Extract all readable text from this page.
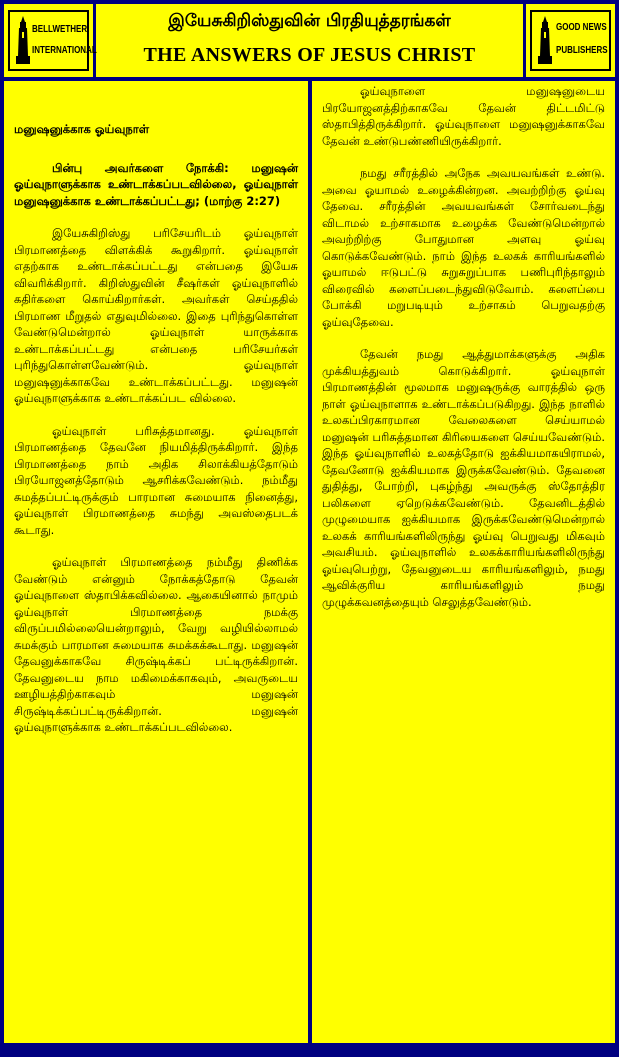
BELLWETHER
INTERNATIONAL
இயேசுகிறிஸ்துவின் பிரதியுத்தரங்கள்
THE ANSWERS OF JESUS CHRIST
GOOD NEWS
PUBLISHERS

மனுஷனுக்காக ஓய்வுநாள்

பின்பு அவர்களை நோக்கி: மனுஷன் ஓய்வுநாளுக்காக உண்டாக்கப்படவில்லை, ஓய்வுநாள் மனுஷனுக்காக உண்டாக்கப்பட்டது; (மாற்கு 2:27)

இயேசுகிறிஸ்து பரிசேயரிடம் ஓய்வுநாள் பிரமாணத்தை விளக்கிக் கூறுகிறார். ஓய்வுநாள் எதற்காக உண்டாக்கப்பட்டது என்பதை இயேசு விவரிக்கிறார். கிறிஸ்துவின் சீஷர்கள் ஓய்வுநாளில் கதிர்களை கொய்கிறார்கள். அவர்கள் செய்ததில் பிரமாண மீறுதல் எதுவுமில்லை. இதை புரிந்துகொள்ள வேண்டுமென்றால் ஓய்வுநாள் யாருக்காக உண்டாக்கப்பட்டது என்பதை பரிசேயர்கள் புரிந்துகொள்ளவேண்டும். ஓய்வுநாள் மனுஷனுக்காகவே உண்டாக்கப்பட்டது. மனுஷன் ஓய்வுநாளுக்காக உண்டாக்கப்பட வில்லை.

ஓய்வுநாள் பரிசுத்தமானது. ஓய்வுநாள் பிரமாணத்தை தேவனே நியமித்திருக்கிறார். இந்த பிரமாணத்தை நாம் அதிக சிலாக்கியத்தோடும் பிரயோஜனத்தோடும் ஆசரிக்கவேண்டும். நம்மீது சுமத்தப்பட்டிருக்கும் பாரமான சுமையாக நினைத்து, ஓய்வுநாள் பிரமாணத்தை சுமந்து அவஸ்தைபடக் கூடாது.

ஓய்வுநாள் பிரமாணத்தை நம்மீது திணிக்க வேண்டும் என்னும் நோக்கத்தோடு தேவன் ஓய்வுநாளை ஸ்தாபிக்கவில்லை. ஆகையினால் நாமும் ஓய்வுநாள் பிரமாணத்தை நமக்கு விருப்பமில்லையென்றாலும், வேறு வழியில்லாமல் சுமக்கும் பாரமான சுமையாக சுமக்கக்கூடாது. மனுஷன் தேவனுக்காகவே சிருஷ்டிக்கப் பட்டிருக்கிறான். தேவனுடைய நாம மகிமைக்காகவும், அவருடைய ஊழியத்திற்காகவும் மனுஷன் சிருஷ்டிக்கப்பட்டிருக்கிறான். மனுஷன் ஓய்வுநாளுக்காக உண்டாக்கப்படவில்லை.

ஓய்வுநாளை மனுஷனுடைய பிரயோஜனத்திற்காகவே தேவன் திட்டமிட்டு ஸ்தாபித்திருக்கிறார். ஓய்வுநாளை மனுஷனுக்காகவே தேவன் உண்டுபண்ணியிருக்கிறார்.

நமது சரீரத்தில் அநேக அவயவங்கள் உண்டு. அவை ஓயாமல் உழைக்கின்றன. அவற்றிற்கு ஓய்வு தேவை. சரீரத்தின் அவயவங்கள் சோர்வடைந்து விடாமல் உற்சாகமாக உழைக்க வேண்டுமென்றால் அவற்றிற்கு போதுமான அளவு ஓய்வு கொடுக்கவேண்டும். நாம் இந்த உலகக் காரியங்களில் ஓயாமல் ஈடுபட்டு சுறுசுறுப்பாக பணிபுரிந்தாலும் விரைவில் களைப்படைந்துவிடுவோம். களைப்பை போக்கி மறுபடியும் உற்சாகம் பெறுவதற்கு ஓய்வுதேவை.

தேவன் நமது ஆத்துமாக்களுக்கு அதிக முக்கியத்துவம் கொடுக்கிறார். ஓய்வுநாள் பிரமாணத்தின் மூலமாக மனுஷருக்கு வாரத்தில் ஒரு நாள் ஓய்வுநாளாக உண்டாக்கப்படுகிறது. இந்த நாளில் உலகப்பிரகாரமான வேலைகளை செய்யாமல் மனுஷன் பரிசுத்தமான கிரியைகளை செய்யவேண்டும். இந்த ஓய்வுநாளில் உலகத்தோடு ஐக்கியமாகயிராமல், தேவனோடு ஐக்கியமாக இருக்கவேண்டும். தேவனை துதித்து, போற்றி, புகழ்ந்து அவருக்கு ஸ்தோத்திர பலிகளை ஏறெடுக்கவேண்டும். தேவனிடத்தில் முழுமையாக ஐக்கியமாக இருக்கவேண்டுமென்றால் உலகக் காரியங்களிலிருந்து ஓய்வு பெறுவது மிகவும் அவசியம். ஓய்வுநாளில் உலகக்காரியங்களிலிருந்து ஓய்வுபெற்று, தேவனுடைய காரியங்களிலும், நமது ஆவிக்குரிய காரியங்களிலும் நமது முழுக்கவனத்தையும் செலுத்தவேண்டும்.
